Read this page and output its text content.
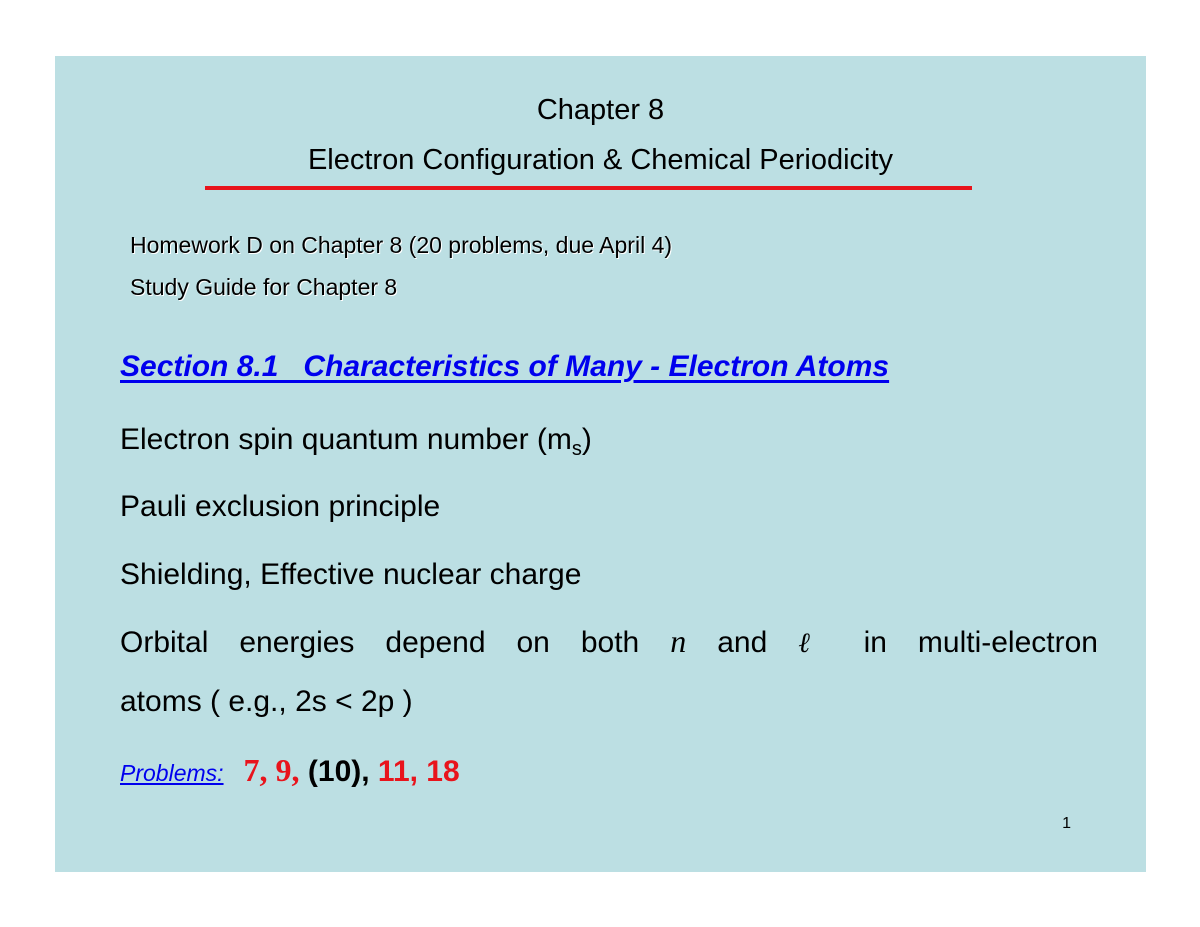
Chapter 8
Electron Configuration & Chemical Periodicity
Homework D on Chapter 8 (20 problems, due April 4)
Study Guide for Chapter 8
Section 8.1   Characteristics of Many - Electron Atoms
Electron spin quantum number $(m_s)$
Pauli exclusion principle
Shielding, Effective nuclear charge
Orbital energies depend on both n and ℓ in multi-electron
atoms ( e.g., 2s < 2p )
Problems: 7, 9, (10), 11, 18
1
